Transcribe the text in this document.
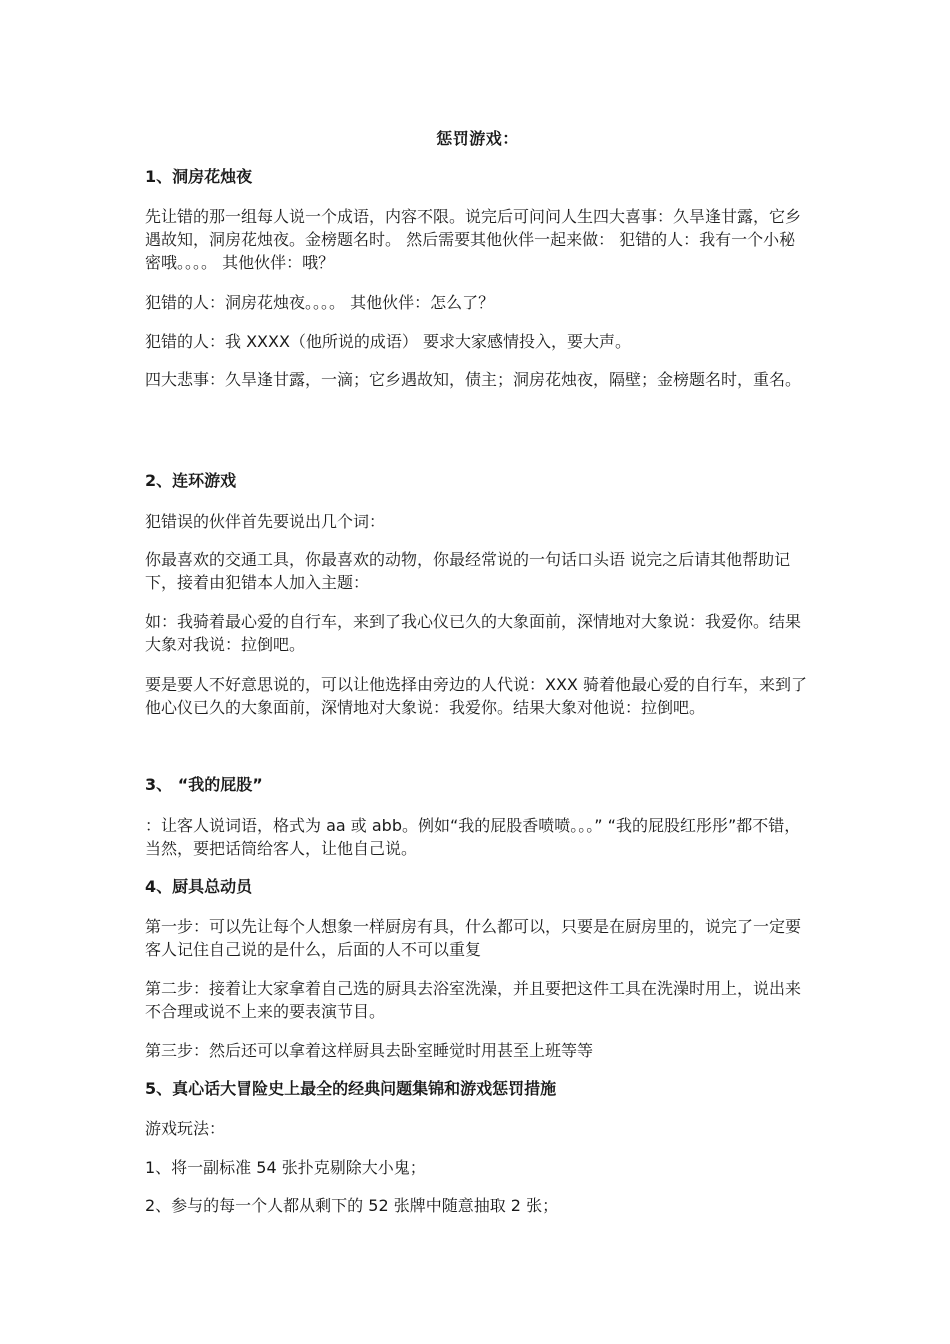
惩罚游戏：
1、洞房花烛夜
先让错的那一组每人说一个成语，内容不限。说完后可问问人生四大喜事：久旱逢甘露，它乡遇故知，洞房花烛夜。金榜题名时。 然后需要其他伙伴一起来做： 犯错的人：我有一个小秘密哦。。。。 其他伙伴：哦？
犯错的人：洞房花烛夜。。。。 其他伙伴：怎么了？
犯错的人：我 XXXX（他所说的成语） 要求大家感情投入，要大声。
四大悲事：久旱逢甘露，一滴；它乡遇故知，债主；洞房花烛夜，隔壁；金榜题名时，重名。
2、连环游戏
犯错误的伙伴首先要说出几个词：
你最喜欢的交通工具，你最喜欢的动物，你最经常说的一句话口头语 说完之后请其他帮助记下，接着由犯错本人加入主题：
如：我骑着最心爱的自行车，来到了我心仪已久的大象面前，深情地对大象说：我爱你。结果大象对我说：拉倒吧。
要是要人不好意思说的，可以让他选择由旁边的人代说：XXX 骑着他最心爱的自行车，来到了他心仪已久的大象面前，深情地对大象说：我爱你。结果大象对他说：拉倒吧。
3、 “我的屁股”
：让客人说词语，格式为 aa 或 abb。例如“我的屁股香喷喷。。。” “我的屁股红彤彤”都不错，当然，要把话筒给客人，让他自己说。
4、厨具总动员
第一步：可以先让每个人想象一样厨房有具，什么都可以，只要是在厨房里的，说完了一定要客人记住自己说的是什么，后面的人不可以重复
第二步：接着让大家拿着自己选的厨具去浴室洗澡，并且要把这件工具在洗澡时用上，说出来不合理或说不上来的要表演节目。
第三步：然后还可以拿着这样厨具去卧室睡觉时用甚至上班等等
5、真心话大冒险史上最全的经典问题集锦和游戏惩罚措施
游戏玩法：
1、将一副标准 54 张扑克剔除大小鬼；
2、参与的每一个人都从剩下的 52 张牌中随意抽取 2 张；
